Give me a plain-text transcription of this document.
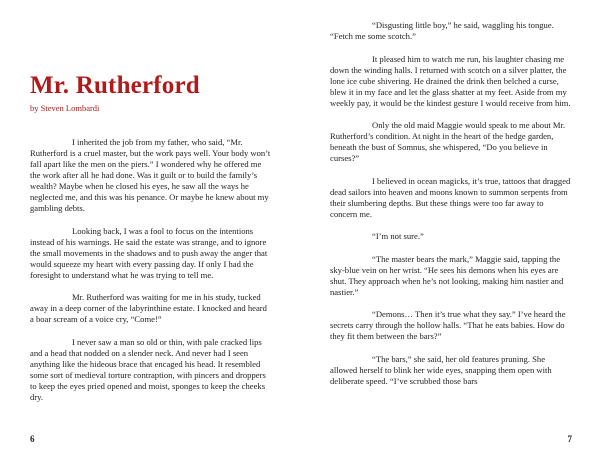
Mr. Rutherford
by Steven Lombardi

I inherited the job from my father, who said, “Mr. Rutherford is a cruel master, but the work pays well. Your body won’t fall apart like the men on the piers.” I wondered why he offered me the work after all he had done. Was it guilt or to build the family’s wealth? Maybe when he closed his eyes, he saw all the ways he neglected me, and this was his penance. Or maybe he knew about my gambling debts.

Looking back, I was a fool to focus on the intentions instead of his warnings. He said the estate was strange, and to ignore the small movements in the shadows and to push away the anger that would squeeze my heart with every passing day. If only I had the foresight to understand what he was trying to tell me.

Mr. Rutherford was waiting for me in his study, tucked away in a deep corner of the labyrinthine estate. I knocked and heard a boar scream of a voice cry, “Come!”

I never saw a man so old or thin, with pale cracked lips and a head that nodded on a slender neck. And never had I seen anything like the hideous brace that encaged his head. It resembled some sort of medieval torture contraption, with pincers and droppers to keep the eyes pried opened and moist, sponges to keep the cheeks dry.

6

“Disgusting little boy,” he said, waggling his tongue. “Fetch me some scotch.”

It pleased him to watch me run, his laughter chasing me down the winding halls. I returned with scotch on a silver platter, the lone ice cube shivering. He drained the drink then belched a curse, blew it in my face and let the glass shatter at my feet. Aside from my weekly pay, it would be the kindest gesture I would receive from him.

Only the old maid Maggie would speak to me about Mr. Rutherford’s condition. At night in the heart of the hedge garden, beneath the bust of Somnus, she whispered, “Do you believe in curses?”

I believed in ocean magicks, it’s true, tattoos that dragged dead sailors into heaven and moons known to summon serpents from their slumbering depths. But these things were too far away to concern me.

“I’m not sure.”

“The master bears the mark,” Maggie said, tapping the sky-blue vein on her wrist. “He sees his demons when his eyes are shut. They approach when he’s not looking, making him nastier and nastier.”

“Demons… Then it’s true what they say.” I’ve heard the secrets carry through the hollow halls. “That he eats babies. How do they fit them between the bars?”

“The bars,” she said, her old features pruning. She allowed herself to blink her wide eyes, snapping them open with deliberate speed. “I’ve scrubbed those bars

7
